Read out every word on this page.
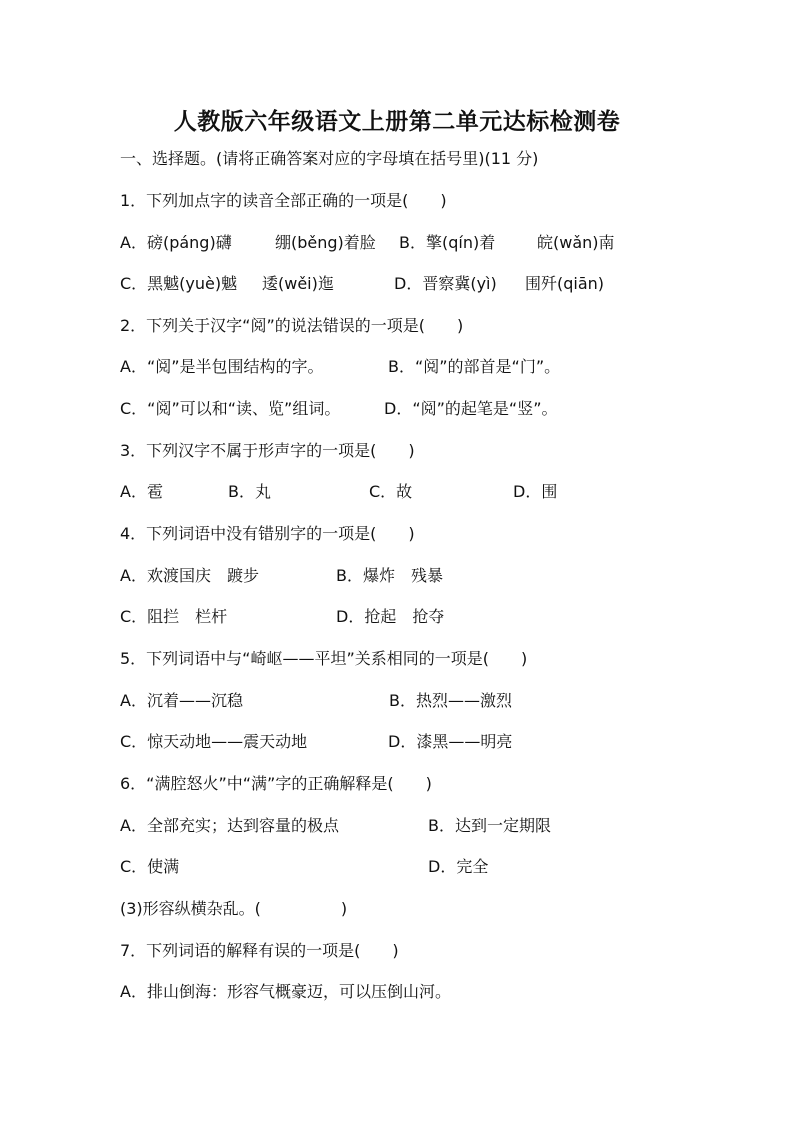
人教版六年级语文上册第二单元达标检测卷
一、选择题。(请将正确答案对应的字母填在括号里)(11 分)
1．下列加点字的读音全部正确的一项是(　　)
A．磅(páng)礴	绷(běng)着脸 B．擎(qín)着	皖(wǎn)南
C．黑魆(yuè)魆 逶(wěi)迤	D．晋察冀(yì) 围歼(qiān)
2．下列关于汉字“阅”的说法错误的一项是(　　)
A．“阅”是半包围结构的字。	B．“阅”的部首是“门”。
C．“阅”可以和“读、览”组词。	D．“阅”的起笔是“竖”。
3．下列汉字不属于形声字的一项是(　　)
A．雹	B．丸	C．故	D．围
4．下列词语中没有错别字的一项是(　　)
A．欢渡国庆　踱步	B．爆炸　残暴
C．阻拦　栏杆	D．抢起　抢夺
5．下列词语中与“崎岖——平坦”关系相同的一项是(　　)
A．沉着——沉稳	B．热烈——激烈
C．惊天动地——震天动地	D．漆黑——明亮
6．“满腔怒火”中“满”字的正确解释是(　　)
A．全部充实；达到容量的极点	B．达到一定期限
C．使满	D．完全
(3)形容纵横杂乱。(　　　　　)
7．下列词语的解释有误的一项是(　　)
A．排山倒海：形容气概豪迈，可以压倒山河。
